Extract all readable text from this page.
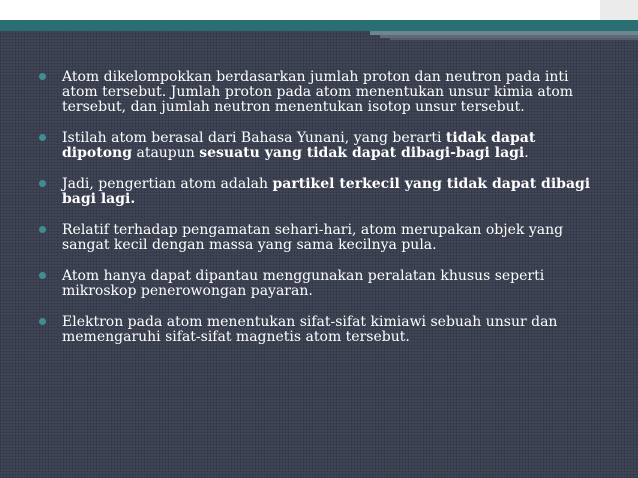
Atom dikelompokkan berdasarkan jumlah proton dan neutron pada inti atom tersebut. Jumlah proton pada atom menentukan unsur kimia atom tersebut, dan jumlah neutron menentukan isotop unsur tersebut.
Istilah atom berasal dari Bahasa Yunani, yang berarti tidak dapat dipotong ataupun sesuatu yang tidak dapat dibagi-bagi lagi.
Jadi, pengertian atom adalah partikel terkecil yang tidak dapat dibagi bagi lagi.
Relatif terhadap pengamatan sehari-hari, atom merupakan objek yang sangat kecil dengan massa yang sama kecilnya pula.
Atom hanya dapat dipantau menggunakan peralatan khusus seperti mikroskop penerowongan payaran.
Elektron pada atom menentukan sifat-sifat kimiawi sebuah unsur dan memengaruhi sifat-sifat magnetis atom tersebut.
